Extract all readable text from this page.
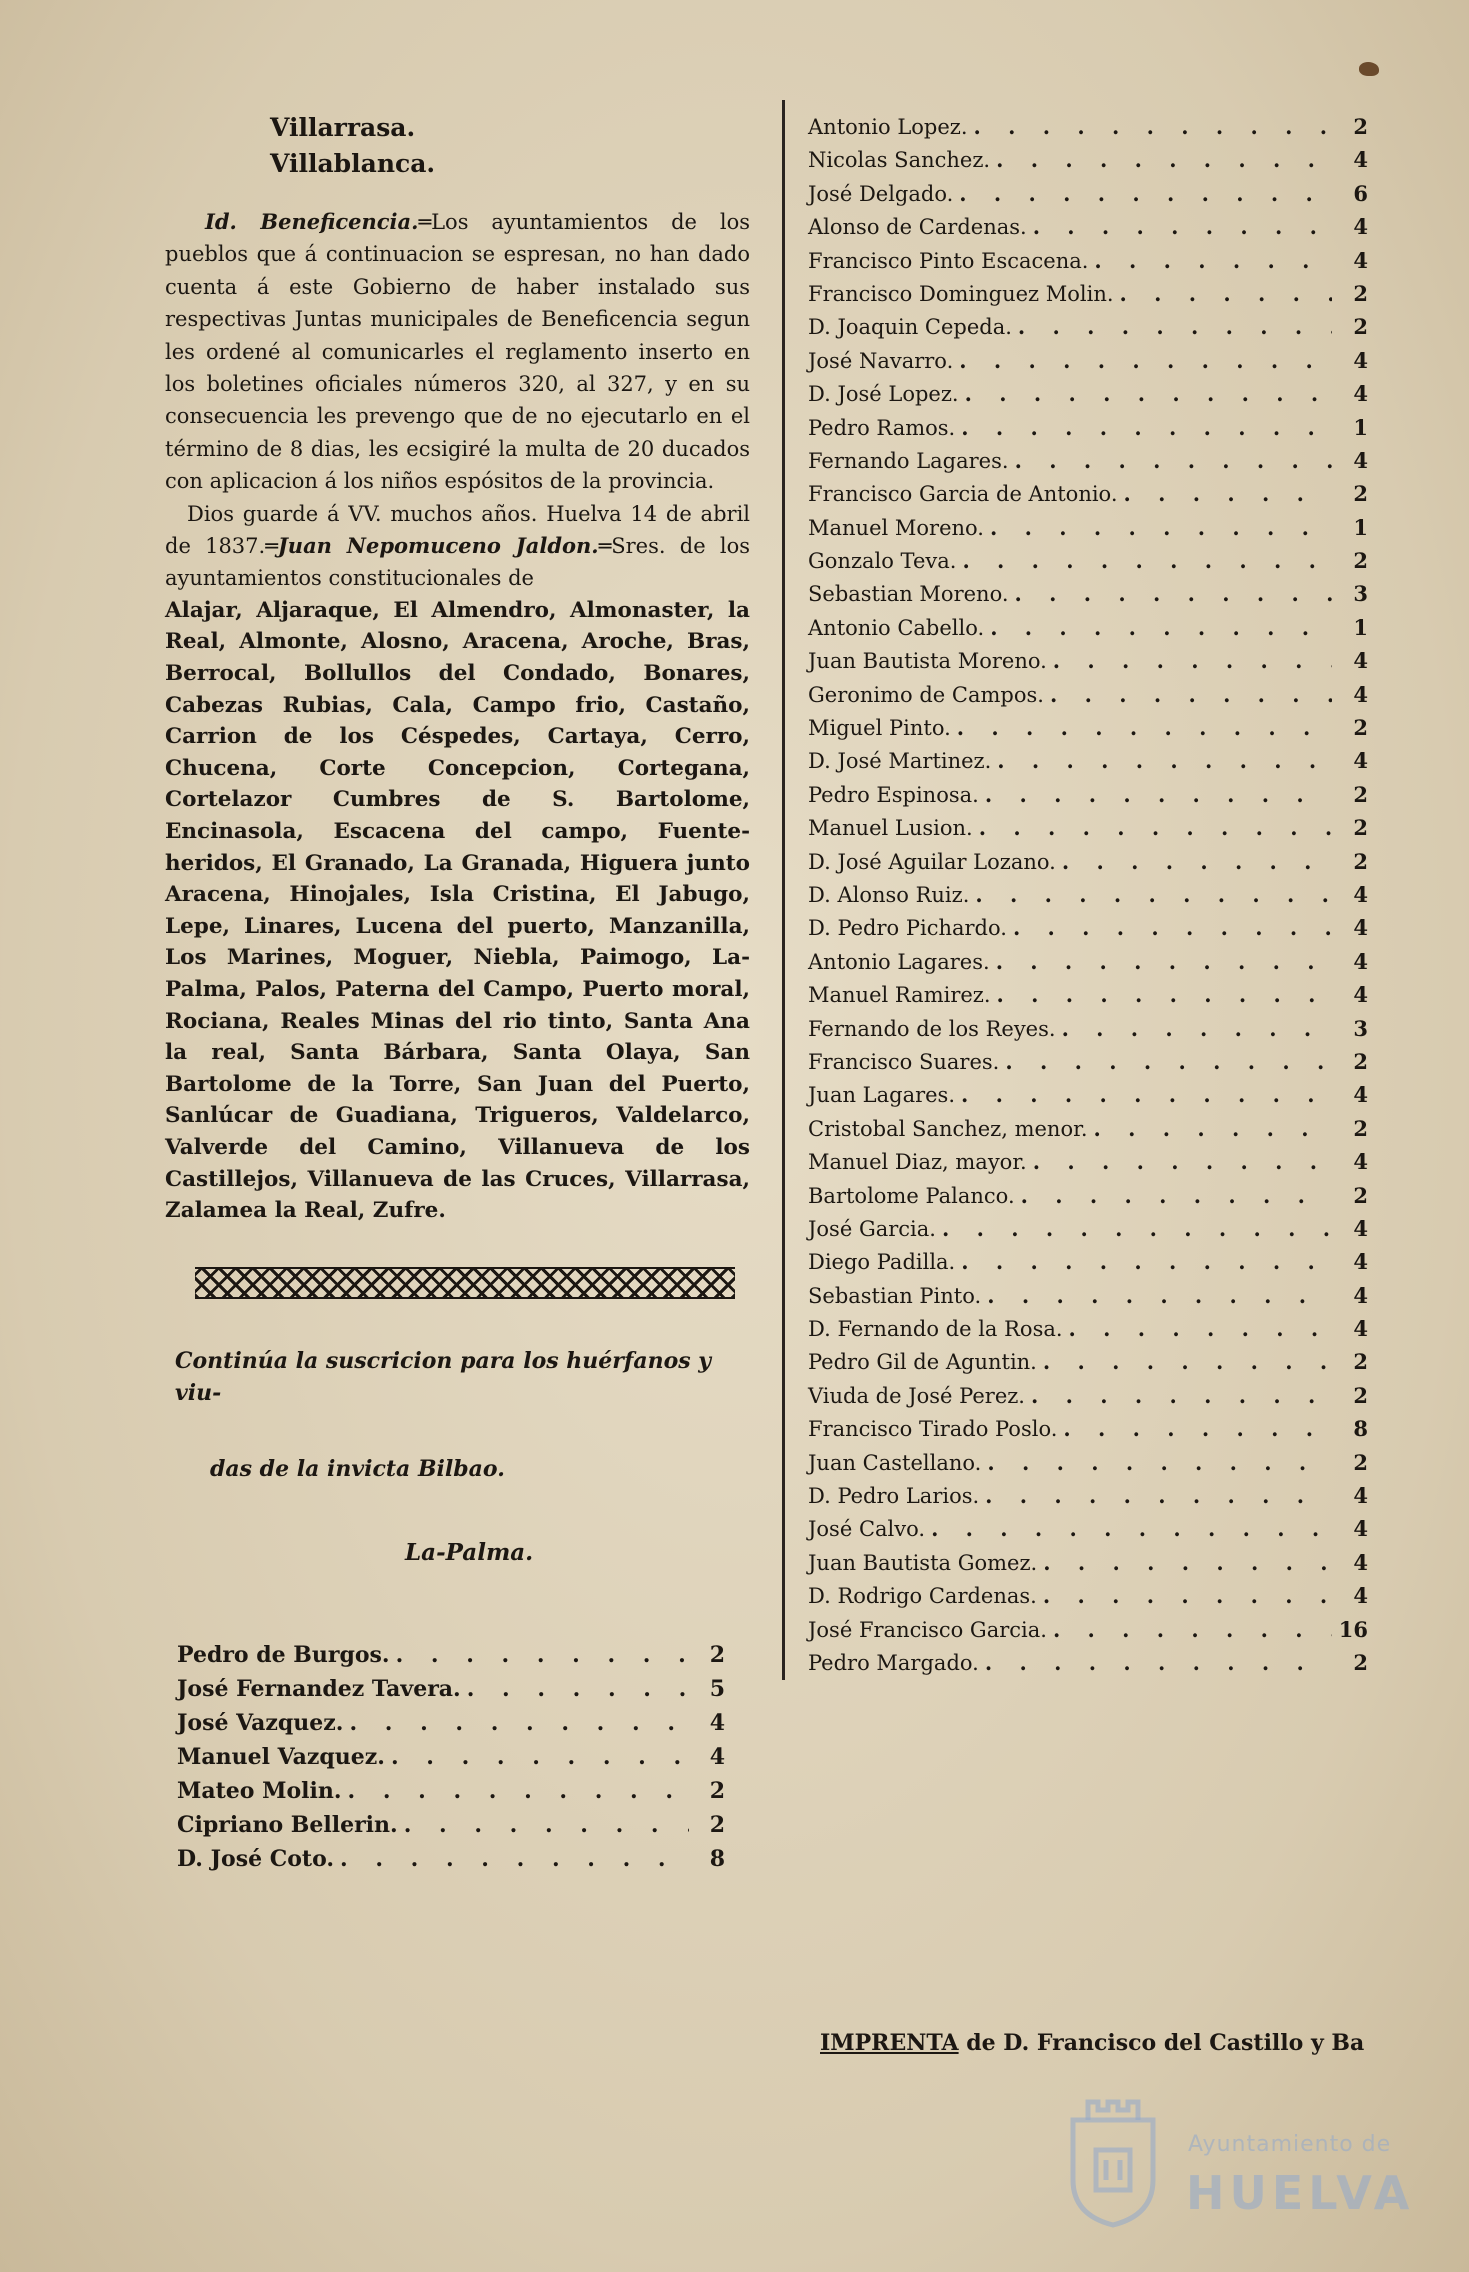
Villarrasa.
Villablanca.

Id. Beneficencia.═Los ayuntamientos de los pueblos que á continuacion se espresan, no han dado cuenta á este Gobierno de haber instalado sus respectivas Juntas municipales de Beneficencia segun les ordené al comunicarles el reglamento inserto en los boletines oficiales números 320, al 327, y en su consecuencia les prevengo que de no ejecutarlo en el término de 8 dias, les ecsigiré la multa de 20 ducados con aplicacion á los niños espósitos de la provincia.

Dios guarde á VV. muchos años. Huelva 14 de abril de 1837.═Juan Nepomuceno Jaldon.═Sres. de los ayuntamientos constitucionales de

Alajar, Aljaraque, El Almendro, Almonaster, la Real, Almonte, Alosno, Aracena, Aroche, Bras, Berrocal, Bollullos del Condado, Bonares, Cabezas Rubias, Cala, Campo frio, Castaño, Carrion de los Céspedes, Cartaya, Cerro, Chucena, Corte Concepcion, Cortegana, Cortelazor Cumbres de S. Bartolome, Encinasola, Escacena del campo, Fuente-heridos, El Granado, La Granada, Higuera junto Aracena, Hinojales, Isla Cristina, El Jabugo, Lepe, Linares, Lucena del puerto, Manzanilla, Los Marines, Moguer, Niebla, Paimogo, La-Palma, Palos, Paterna del Campo, Puerto moral, Rociana, Reales Minas del rio tinto, Santa Ana la real, Santa Bárbara, Santa Olaya, San Bartolome de la Torre, San Juan del Puerto, Sanlúcar de Guadiana, Trigueros, Valdelarco, Valverde del Camino, Villanueva de los Castillejos, Villanueva de las Cruces, Villarrasa, Zalamea la Real, Zufre.

Continúa la suscricion para los huérfanos y viu-
das de la invicta Bilbao.
La-Palma.
Pedro de Burgos. . . .	2
José Fernandez Tavera. . . .	5
José Vazquez. . . .	4
Manuel Vazquez. . . .	4
Mateo Molin. . . .	2
Cipriano Bellerin. . . .	2
D. José Coto. . . .	8
Antonio Lopez. . . .	2
Nicolas Sanchez. . . .	4
José Delgado. . . .	6
Alonso de Cardenas. . . .	4
Francisco Pinto Escacena. . . .	4
Francisco Dominguez Molin. . . .	2
D. Joaquin Cepeda. . . .	2
José Navarro. . . .	4
D. José Lopez. . . .	4
Pedro Ramos. . . .	1
Fernando Lagares. . . .	4
Francisco Garcia de Antonio. . . .	2
Manuel Moreno. . . .	1
Gonzalo Teva. . . .	2
Sebastian Moreno. . . .	3
Antonio Cabello. . . .	1
Juan Bautista Moreno. . . .	4
Geronimo de Campos. . . .	4
Miguel Pinto. . . .	2
D. José Martinez. . . .	4
Pedro Espinosa. . . .	2
Manuel Lusion. . . .	2
D. José Aguilar Lozano. . . .	2
D. Alonso Ruiz. . . .	4
D. Pedro Pichardo. . . .	4
Antonio Lagares. . . .	4
Manuel Ramirez. . . .	4
Fernando de los Reyes. . . .	3
Francisco Suares. . . .	2
Juan Lagares. . . .	4
Cristobal Sanchez, menor. . . .	2
Manuel Diaz, mayor. . . .	4
Bartolome Palanco. . . .	2
José Garcia. . . .	4
Diego Padilla. . . .	4
Sebastian Pinto. . . .	4
D. Fernando de la Rosa. . . .	4
Pedro Gil de Aguntin. . . .	2
Viuda de José Perez. . . .	2
Francisco Tirado Poslo. . . .	8
Juan Castellano. . . .	2
D. Pedro Larios. . . .	4
José Calvo. . . .	4
Juan Bautista Gomez. . . .	4
D. Rodrigo Cardenas. . . .	4
José Francisco Garcia. . . .	16
Pedro Margado. . . .	2
IMPRENTA de D. Francisco del Castillo y Ba
Ayuntamiento de
HUELVA
